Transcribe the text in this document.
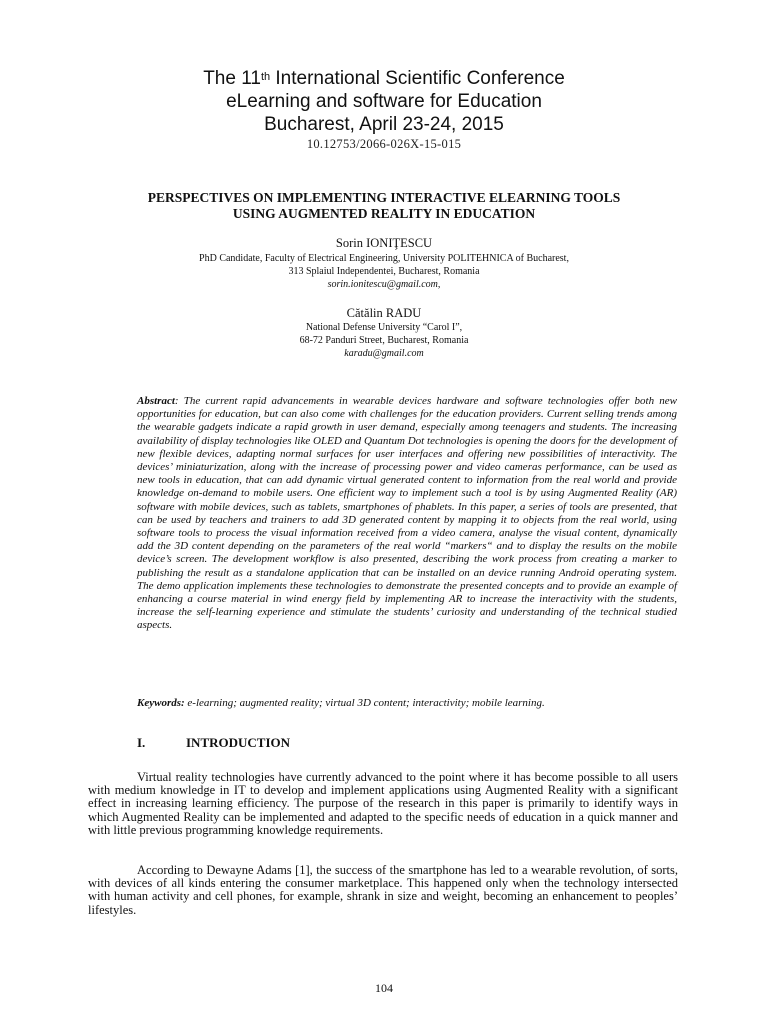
The 11th International Scientific Conference
eLearning and software for Education
Bucharest, April 23-24, 2015
10.12753/2066-026X-15-015
PERSPECTIVES ON IMPLEMENTING INTERACTIVE ELEARNING TOOLS
USING AUGMENTED REALITY IN EDUCATION
Sorin IONIŢESCU
PhD Candidate, Faculty of Electrical Engineering, University POLITEHNICA of Bucharest,
313 Splaiul Independentei, Bucharest, Romania
sorin.ionitescu@gmail.com,
Cătălin RADU
National Defense University “Carol I”,
68-72 Panduri Street, Bucharest, Romania
karadu@gmail.com
Abstract: The current rapid advancements in wearable devices hardware and software technologies offer both new opportunities for education, but can also come with challenges for the education providers. Current selling trends among the wearable gadgets indicate a rapid growth in user demand, especially among teenagers and students. The increasing availability of display technologies like OLED and Quantum Dot technologies is opening the doors for the development of new flexible devices, adapting normal surfaces for user interfaces and offering new possibilities of interactivity. The devices’ miniaturization, along with the increase of processing power and video cameras performance, can be used as new tools in education, that can add dynamic virtual generated content to information from the real world and provide knowledge on-demand to mobile users. One efficient way to implement such a tool is by using Augmented Reality (AR) software with mobile devices, such as tablets, smartphones of phablets. In this paper, a series of tools are presented, that can be used by teachers and trainers to add 3D generated content by mapping it to objects from the real world, using software tools to process the visual information received from a video camera, analyse the visual content, dynamically add the 3D content depending on the parameters of the real world “markers“ and to display the results on the mobile device’s screen. The development workflow is also presented, describing the work process from creating a marker to publishing the result as a standalone application that can be installed on an device running Android operating system. The demo application implements these technologies to demonstrate the presented concepts and to provide an example of enhancing a course material in wind energy field by implementing AR to increase the interactivity with the students, increase the self-learning experience and stimulate the students’ curiosity and understanding of the technical studied aspects.
Keywords: e-learning; augmented reality; virtual 3D content; interactivity; mobile learning.
I.	INTRODUCTION
Virtual reality technologies have currently advanced to the point where it has become possible to all users with medium knowledge in IT to develop and implement applications using Augmented Reality with a significant effect in increasing learning efficiency. The purpose of the research in this paper is primarily to identify ways in which Augmented Reality can be implemented and adapted to the specific needs of education in a quick manner and with little previous programming knowledge requirements.
According to Dewayne Adams [1], the success of the smartphone has led to a wearable revolution, of sorts, with devices of all kinds entering the consumer marketplace. This happened only when the technology intersected with human activity and cell phones, for example, shrank in size and weight, becoming an enhancement to peoples’ lifestyles.
104
